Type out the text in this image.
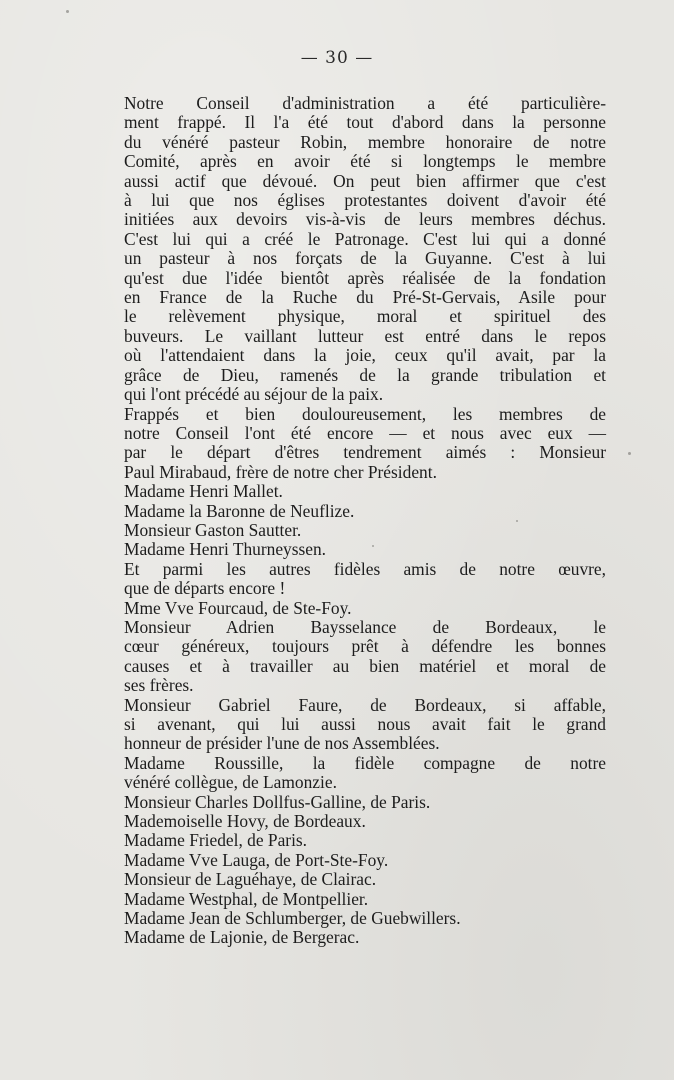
— 30 —
Notre Conseil d'administration a été particulière-
ment frappé. Il l'a été tout d'abord dans la personne
du vénéré pasteur Robin, membre honoraire de notre
Comité, après en avoir été si longtemps le membre
aussi actif que dévoué. On peut bien affirmer que c'est
à lui que nos églises protestantes doivent d'avoir été
initiées aux devoirs vis-à-vis de leurs membres déchus.
C'est lui qui a créé le Patronage. C'est lui qui a donné
un pasteur à nos forçats de la Guyanne. C'est à lui
qu'est due l'idée bientôt après réalisée de la fondation
en France de la Ruche du Pré-St-Gervais, Asile pour
le relèvement physique, moral et spirituel des
buveurs. Le vaillant lutteur est entré dans le repos
où l'attendaient dans la joie, ceux qu'il avait, par la
grâce de Dieu, ramenés de la grande tribulation et
qui l'ont précédé au séjour de la paix.
Frappés et bien douloureusement, les membres de
notre Conseil l'ont été encore — et nous avec eux —
par le départ d'êtres tendrement aimés : Monsieur
Paul Mirabaud, frère de notre cher Président.
Madame Henri Mallet.
Madame la Baronne de Neuflize.
Monsieur Gaston Sautter.
Madame Henri Thurneyssen.
Et parmi les autres fidèles amis de notre œuvre,
que de départs encore !
Mme Vve Fourcaud, de Ste-Foy.
Monsieur Adrien Baysselance de Bordeaux, le
cœur généreux, toujours prêt à défendre les bonnes
causes et à travailler au bien matériel et moral de
ses frères.
Monsieur Gabriel Faure, de Bordeaux, si affable,
si avenant, qui lui aussi nous avait fait le grand
honneur de présider l'une de nos Assemblées.
Madame Roussille, la fidèle compagne de notre
vénéré collègue, de Lamonzie.
Monsieur Charles Dollfus-Galline, de Paris.
Mademoiselle Hovy, de Bordeaux.
Madame Friedel, de Paris.
Madame Vve Lauga, de Port-Ste-Foy.
Monsieur de Laguéhaye, de Clairac.
Madame Westphal, de Montpellier.
Madame Jean de Schlumberger, de Guebwillers.
Madame de Lajonie, de Bergerac.
